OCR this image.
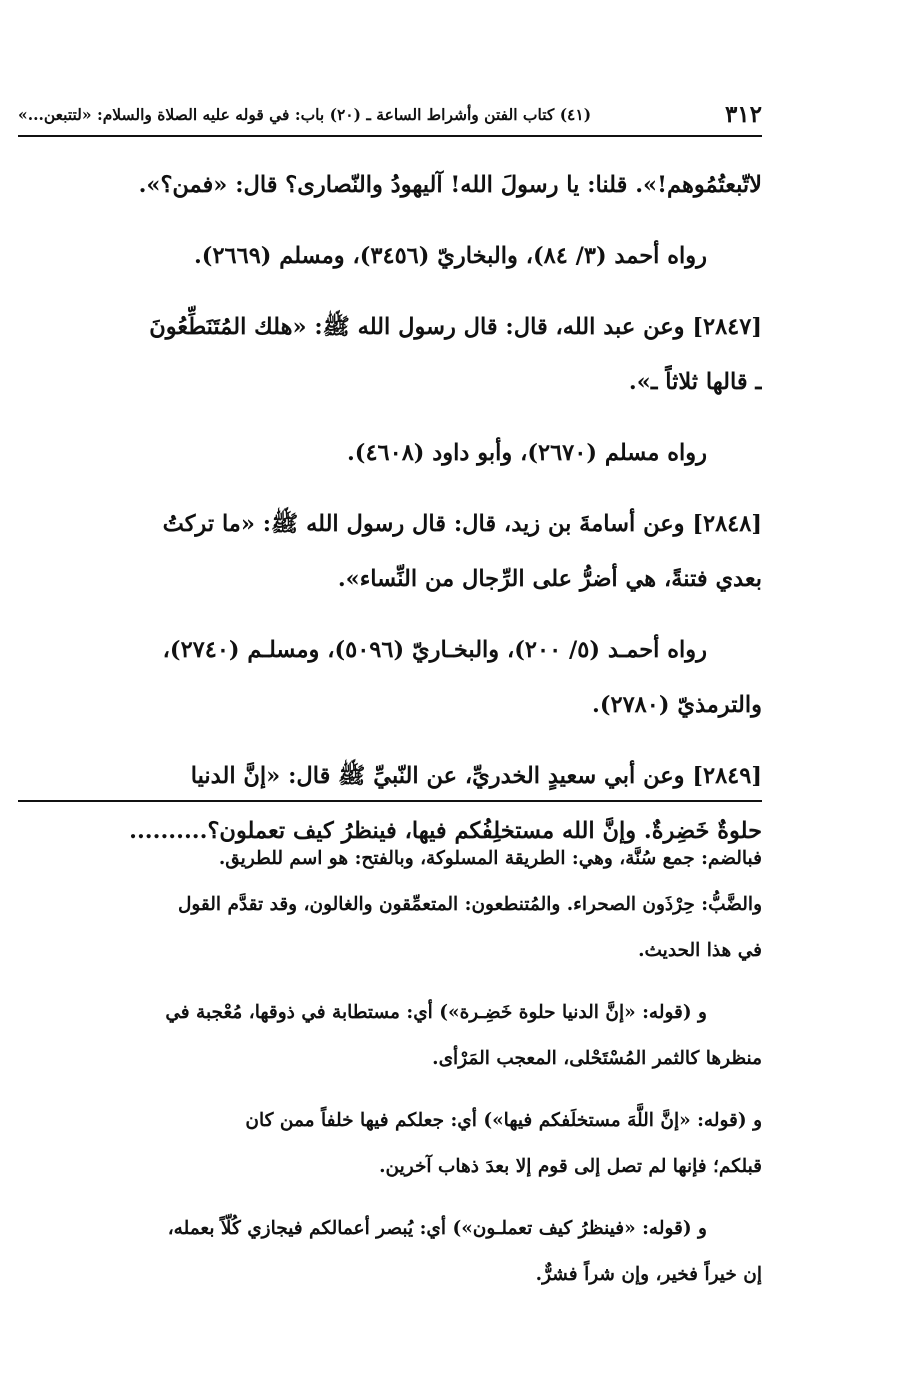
٣١٢
(٤١) كتاب الفتن وأشراط الساعة ـ (٢٠) باب: في قوله عليه الصلاة والسلام: «لتتبعن...»

لاتّبعتُمُوهم!». قلنا: يا رسولَ الله! آليهودُ والنّصارى؟ قال: «فمن؟».

رواه أحمد (٣/ ٨٤)، والبخاريّ (٣٤٥٦)، ومسلم (٢٦٦٩).

[٢٨٤٧] وعن عبد الله، قال: قال رسول الله ﷺ: «هلك المُتَنَطِّعُونَ
ـ قالها ثلاثاً ـ».

رواه مسلم (٢٦٧٠)، وأبو داود (٤٦٠٨).

[٢٨٤٨] وعن أسامةَ بن زيد، قال: قال رسول الله ﷺ: «ما تركتُ
بعدي فتنةً، هي أضرُّ على الرِّجال من النِّساء».

رواه أحمـد (٥/ ٢٠٠)، والبخـاريّ (٥٠٩٦)، ومسلـم (٢٧٤٠)،
والترمذيّ (٢٧٨٠).

[٢٨٤٩] وعن أبي سعيدٍ الخدريِّ، عن النّبيِّ ﷺ قال: «إنَّ الدنيا
حلوةٌ خَضِرةٌ. وإنَّ الله مستخلِفُكم فيها، فينظرُ كيف تعملون؟..........

فبالضم: جمع سُنَّة، وهي: الطريقة المسلوكة، وبالفتح: هو اسم للطريق.
والضَّبُّ: حِرْذَون الصحراء. والمُتنطعون: المتعمِّقون والغالون، وقد تقدَّم القول
في هذا الحديث.

و (قوله: «إنَّ الدنيا حلوة خَضِـرة») أي: مستطابة في ذوقها، مُعْجبة في
منظرها كالثمر المُسْتَحْلى، المعجب المَرْأى.

و (قوله: «إنَّ اللَّهَ مستخلَفكم فيها») أي: جعلكم فيها خلفاً ممن كان
قبلكم؛ فإنها لم تصل إلى قوم إلا بعدَ ذهاب آخرين.

و (قوله: «فينظرُ كيف تعملـون») أي: يُبصر أعمالكم فيجازي كُلّاً بعمله،
إن خيراً فخير، وإن شراً فشرٌّ.
